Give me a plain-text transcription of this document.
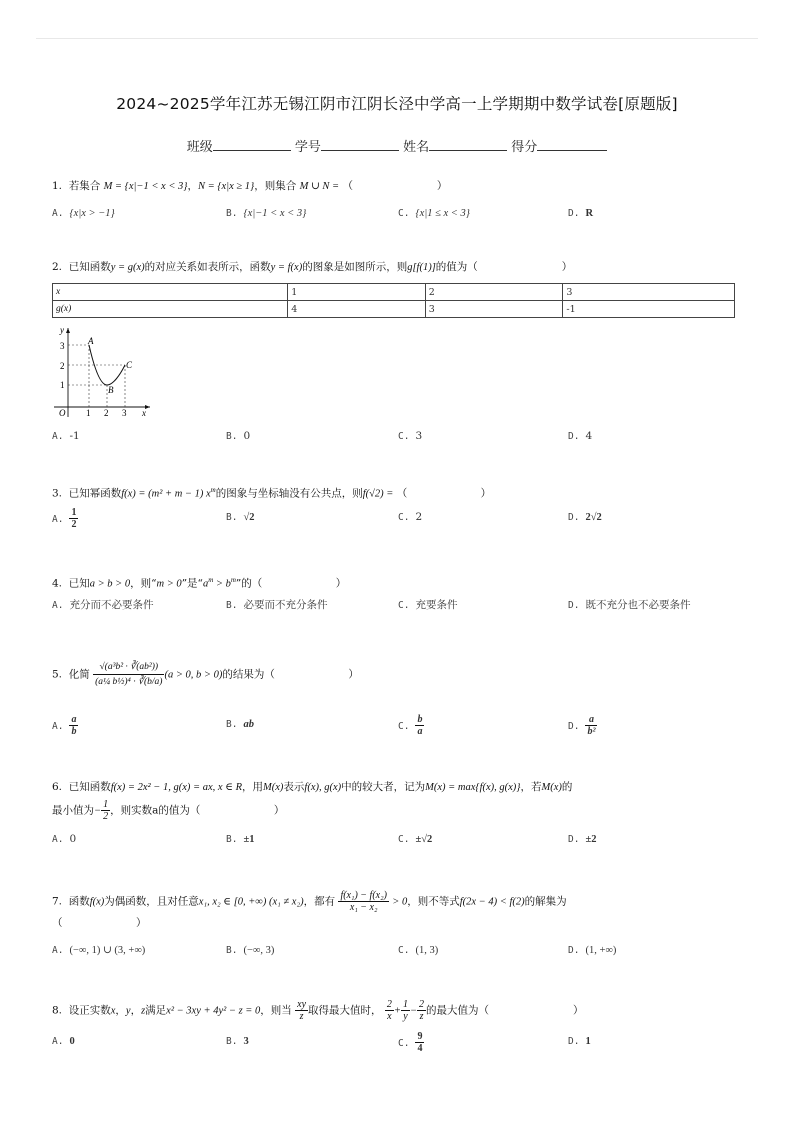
2024~2025学年江苏无锡江阴市江阴长泾中学高一上学期期中数学试卷[原题版]
班级	学号	姓名	得分
1. 若集合 M = {x|−1 < x < 3}，N = {x|x ≥ 1}，则集合 M ∪ N = （　　　　　　　　）
A. {x|x > −1}	B. {x|−1 < x < 3}	C. {x|1 ≤ x < 3}	D. R
2. 已知函数y = g(x)的对应关系如表所示，函数y = f(x)的图象是如图所示，则g[f(1)]的值为（　　　　　　　　）
x	1	2	3
g(x)	4	3	-1
y
x
O 1 2 3
1
2
3	A
B
C
A. -1	B. 0	C. 3	D. 4
3. 已知幂函数f(x) = (m² + m − 1) $x^m$的图象与坐标轴没有公共点，则f(√2) = （　　　　　　　）
A. $\frac{1}{2}$	B. √2	C. 2	D. 2√2
4. 已知a > b > 0，则“m > 0”是“$a^m > b^m$”的（　　　　　　　）
A. 充分而不必要条件	B. 必要而不充分条件	C. 充要条件	D. 既不充分也不必要条件
5. 化简 $\frac{\text{√(a³b² · ∛(ab²))}}{\text{(a¼ b½)⁴ · ∛(b/a)}} (a > 0$, b > 0)的结果为（　　　　　　　）
A. $\frac{a}{b}$	B. ab	C. $\frac{b}{a}$	D. $\frac{a}{\text{b²}}$
6. 已知函数f(x) = 2x² − 1, g(x) = ax, x ∈ R，用M(x)表示f(x), g(x)中的较大者，记为M(x) = max{f(x), g(x)}，若M(x)的
最小值为− $\frac{1}{2}$ ，则实数a的值为（　　　　　　　）
A. 0	B. ±1	C. ±√2	D. ±2
7. 函数f(x)为偶函数，且对任意x₁, x₂ ∈ [0, +∞) (x₁ ≠ x₂)，都有 $\frac{\text{f(x₁) − f(x₂)}}{\text{x₁ − x₂}} > 0$，则不等式f(2x − 4) < f(2)的解集为
（　　　　　　　）
A. (−∞, 1) ∪ (3, +∞)	B. (−∞, 3)	C. (1, 3)	D. (1, +∞)
8. 设正实数x，y，z满足x² − 3xy + 4y² − z = 0，则当 $\frac{xy}{z}$ 取得最大值时， $\frac{2}{x} + \frac{1}{y} - \frac{2}{z}$ 的最大值为（　　　　　　　　）
A. 0	B. 3	C. $\frac{9}{4}$	D. 1
